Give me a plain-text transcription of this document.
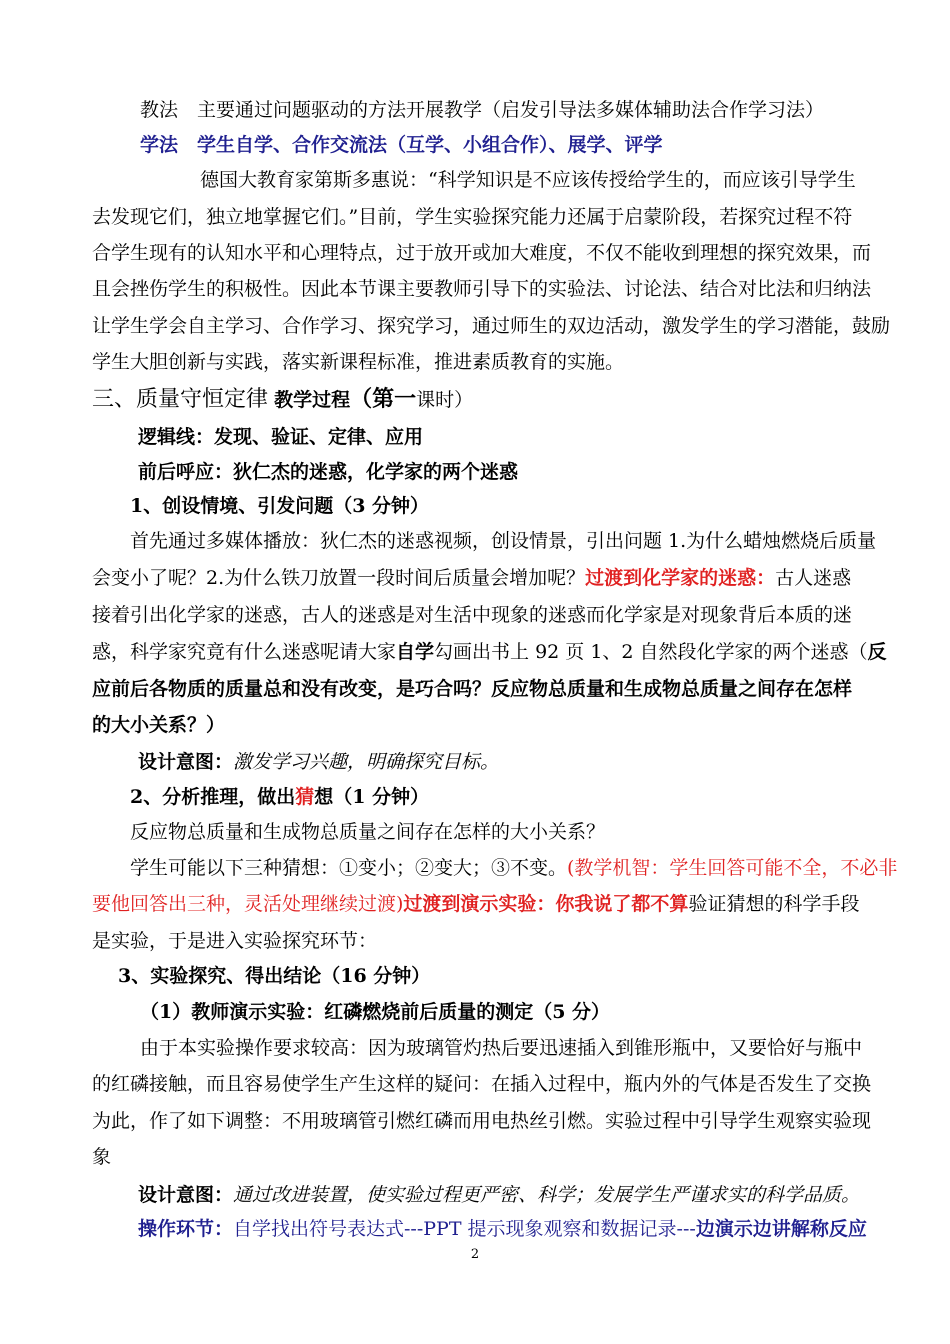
教法　主要通过问题驱动的方法开展教学（启发引导法多媒体辅助法合作学习法）
学法　学生自学、合作交流法（互学、小组合作）、展学、评学
德国大教育家第斯多惠说：“科学知识是不应该传授给学生的，而应该引导学生
去发现它们，独立地掌握它们。”目前，学生实验探究能力还属于启蒙阶段，若探究过程不符
合学生现有的认知水平和心理特点，过于放开或加大难度，不仅不能收到理想的探究效果，而
且会挫伤学生的积极性。因此本节课主要教师引导下的实验法、讨论法、结合对比法和归纳法
让学生学会自主学习、合作学习、探究学习，通过师生的双边活动，激发学生的学习潜能，鼓励
学生大胆创新与实践，落实新课程标准，推进素质教育的实施。
三、质量守恒定律 教学过程（第一课时）
逻辑线：发现、验证、定律、应用
前后呼应：狄仁杰的迷惑，化学家的两个迷惑
1、创设情境、引发问题（3 分钟）
首先通过多媒体播放：狄仁杰的迷惑视频，创设情景，引出问题 1.为什么蜡烛燃烧后质量
会变小了呢？2.为什么铁刀放置一段时间后质量会增加呢？过渡到化学家的迷惑：古人迷惑
接着引出化学家的迷惑，古人的迷惑是对生活中现象的迷惑而化学家是对现象背后本质的迷
惑，科学家究竟有什么迷惑呢请大家自学勾画出书上 92 页 1、2 自然段化学家的两个迷惑（反
应前后各物质的质量总和没有改变，是巧合吗？反应物总质量和生成物总质量之间存在怎样
的大小关系？）
设计意图：激发学习兴趣，明确探究目标。
2、分析推理，做出猜想（1 分钟）
反应物总质量和生成物总质量之间存在怎样的大小关系？
学生可能以下三种猜想：①变小；②变大；③不变。(教学机智：学生回答可能不全，不必非
要他回答出三种，灵活处理继续过渡)过渡到演示实验：你我说了都不算验证猜想的科学手段
是实验，于是进入实验探究环节：
3、实验探究、得出结论（16 分钟）
（1）教师演示实验：红磷燃烧前后质量的测定（5 分）
由于本实验操作要求较高：因为玻璃管灼热后要迅速插入到锥形瓶中，又要恰好与瓶中
的红磷接触，而且容易使学生产生这样的疑问：在插入过程中，瓶内外的气体是否发生了交换
为此，作了如下调整：不用玻璃管引燃红磷而用电热丝引燃。实验过程中引导学生观察实验现
象
设计意图：通过改进装置，使实验过程更严密、科学；发展学生严谨求实的科学品质。
操作环节：自学找出符号表达式---PPT 提示现象观察和数据记录---边演示边讲解称反应
2
